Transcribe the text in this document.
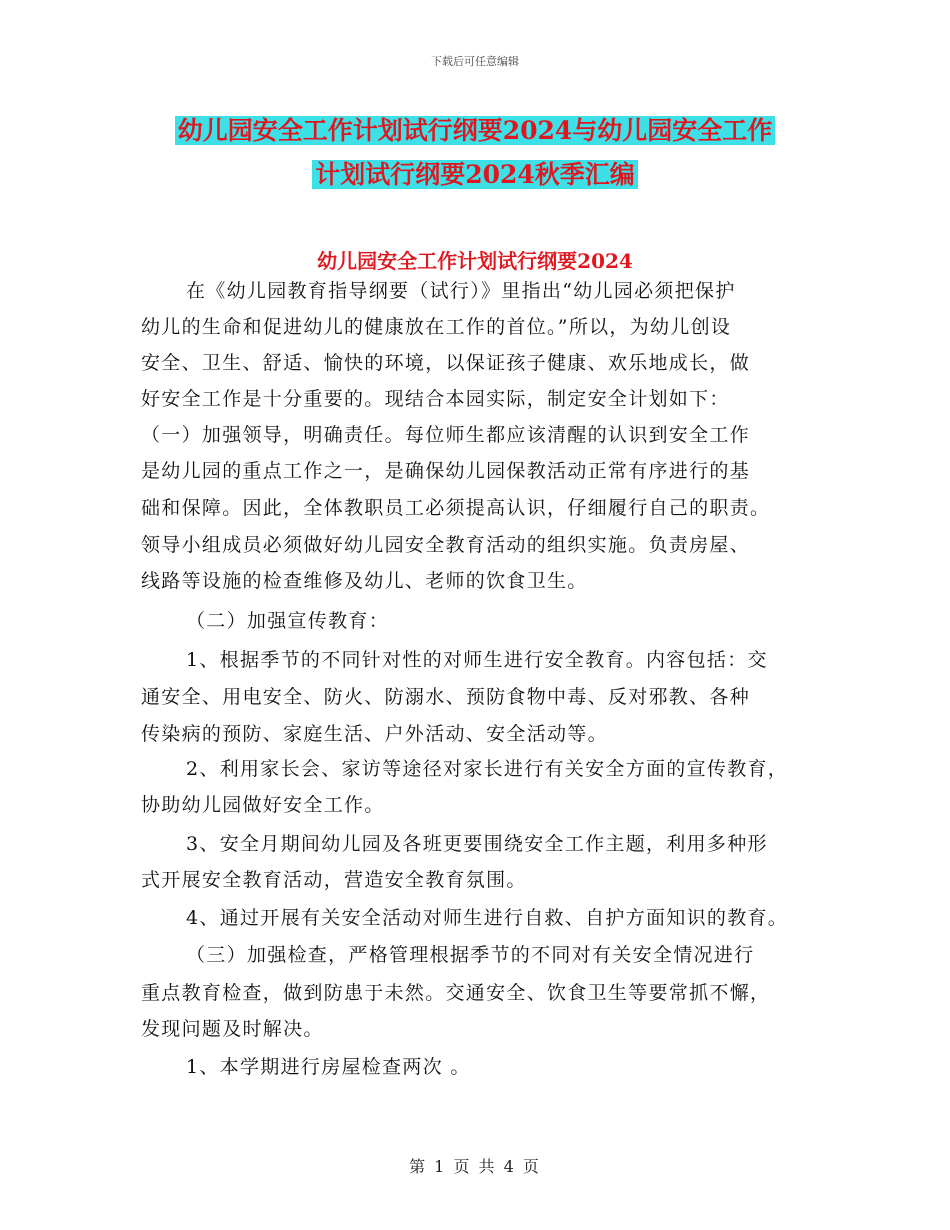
下载后可任意编辑
幼儿园安全工作计划试行纲要2024与幼儿园安全工作
计划试行纲要2024秋季汇编
幼儿园安全工作计划试行纲要2024
在《幼儿园教育指导纲要（试行）》里指出“幼儿园必须把保护
幼儿的生命和促进幼儿的健康放在工作的首位。”所以，为幼儿创设
安全、卫生、舒适、愉快的环境，以保证孩子健康、欢乐地成长，做
好安全工作是十分重要的。现结合本园实际，制定安全计划如下：
（一）加强领导，明确责任。每位师生都应该清醒的认识到安全工作
是幼儿园的重点工作之一，是确保幼儿园保教活动正常有序进行的基
础和保障。因此，全体教职员工必须提高认识，仔细履行自己的职责。
领导小组成员必须做好幼儿园安全教育活动的组织实施。负责房屋、
线路等设施的检查维修及幼儿、老师的饮食卫生。
（二）加强宣传教育：
1、根据季节的不同针对性的对师生进行安全教育。内容包括：交
通安全、用电安全、防火、防溺水、预防食物中毒、反对邪教、各种
传染病的预防、家庭生活、户外活动、安全活动等。
2、利用家长会、家访等途径对家长进行有关安全方面的宣传教育，
协助幼儿园做好安全工作。
3、安全月期间幼儿园及各班更要围绕安全工作主题，利用多种形
式开展安全教育活动，营造安全教育氛围。
4、通过开展有关安全活动对师生进行自救、自护方面知识的教育。
（三）加强检查，严格管理根据季节的不同对有关安全情况进行
重点教育检查，做到防患于未然。交通安全、饮食卫生等要常抓不懈，
发现问题及时解决。
1、本学期进行房屋检查两次 。
第 1 页 共 4 页
